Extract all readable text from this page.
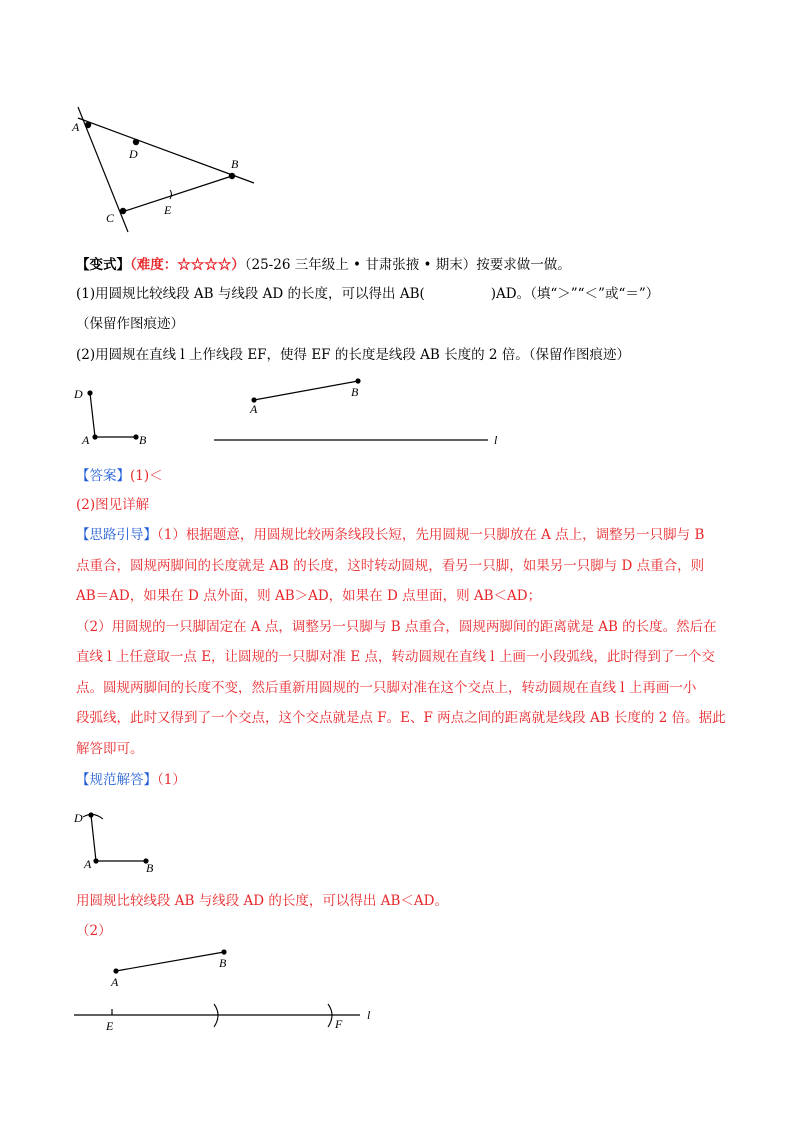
A
D
B
C
E
【变式】（难度：☆☆☆☆）（25-26 三年级上 • 甘肃张掖 • 期末）按要求做一做。
(1)用圆规比较线段 AB 与线段 AD 的长度，可以得出 AB(	)AD。（填“＞”“＜”或“＝”）
（保留作图痕迹）
(2)用圆规在直线 l 上作线段 EF，使得 EF 的长度是线段 AB 长度的 2 倍。（保留作图痕迹）
D
A	B
A
B
l
【答案】(1)＜
(2)图见详解
【思路引导】（1）根据题意，用圆规比较两条线段长短，先用圆规一只脚放在 A 点上，调整另一只脚与 B
点重合，圆规两脚间的长度就是 AB 的长度，这时转动圆规，看另一只脚，如果另一只脚与 D 点重合，则
AB＝AD，如果在 D 点外面，则 AB＞AD，如果在 D 点里面，则 AB＜AD；
（2）用圆规的一只脚固定在 A 点，调整另一只脚与 B 点重合，圆规两脚间的距离就是 AB 的长度。然后在
直线 l 上任意取一点 E，让圆规的一只脚对准 E 点，转动圆规在直线 l 上画一小段弧线，此时得到了一个交
点。圆规两脚间的长度不变，然后重新用圆规的一只脚对准在这个交点上，转动圆规在直线 l 上再画一小
段弧线，此时又得到了一个交点，这个交点就是点 F。E、F 两点之间的距离就是线段 AB 长度的 2 倍。据此
解答即可。
【规范解答】（1）
D
A	B
用圆规比较线段 AB 与线段 AD 的长度，可以得出 AB＜AD。
（2）
A
B
E	F
l
